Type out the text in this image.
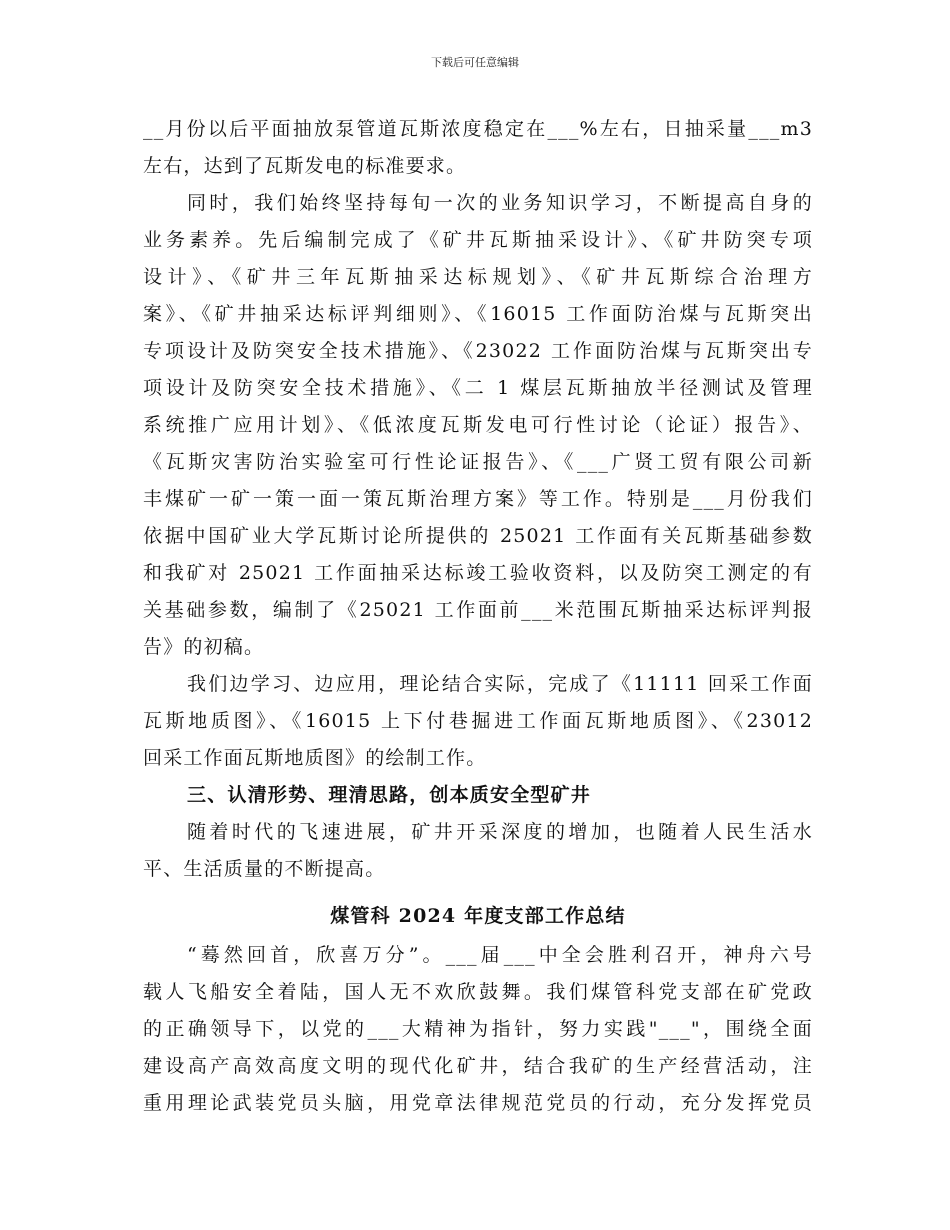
下载后可任意编辑
__月份以后平面抽放泵管道瓦斯浓度稳定在___%左右，日抽采量___m3
左右，达到了瓦斯发电的标准要求。
同时，我们始终坚持每旬一次的业务知识学习，不断提高自身的
业务素养。先后编制完成了《矿井瓦斯抽采设计》、《矿井防突专项
设计》、《矿井三年瓦斯抽采达标规划》、《矿井瓦斯综合治理方
案》、《矿井抽采达标评判细则》、《16015 工作面防治煤与瓦斯突出
专项设计及防突安全技术措施》、《23022 工作面防治煤与瓦斯突出专
项设计及防突安全技术措施》、《二 1 煤层瓦斯抽放半径测试及管理
系统推广应用计划》、《低浓度瓦斯发电可行性讨论（论证）报告》、
《瓦斯灾害防治实验室可行性论证报告》、《___广贤工贸有限公司新
丰煤矿一矿一策一面一策瓦斯治理方案》等工作。特别是___月份我们
依据中国矿业大学瓦斯讨论所提供的 25021 工作面有关瓦斯基础参数
和我矿对 25021 工作面抽采达标竣工验收资料，以及防突工测定的有
关基础参数，编制了《25021 工作面前___米范围瓦斯抽采达标评判报
告》的初稿。
我们边学习、边应用，理论结合实际，完成了《11111 回采工作面
瓦斯地质图》、《16015 上下付巷掘进工作面瓦斯地质图》、《23012
回采工作面瓦斯地质图》的绘制工作。
三、认清形势、理清思路，创本质安全型矿井
随着时代的飞速进展，矿井开采深度的增加，也随着人民生活水
平、生活质量的不断提高。
煤管科 2024 年度支部工作总结
“蓦然回首，欣喜万分”。___届___中全会胜利召开，神舟六号
载人飞船安全着陆，国人无不欢欣鼓舞。我们煤管科党支部在矿党政
的正确领导下，以党的___大精神为指针，努力实践"___"，围绕全面
建设高产高效高度文明的现代化矿井，结合我矿的生产经营活动，注
重用理论武装党员头脑，用党章法律规范党员的行动，充分发挥党员
